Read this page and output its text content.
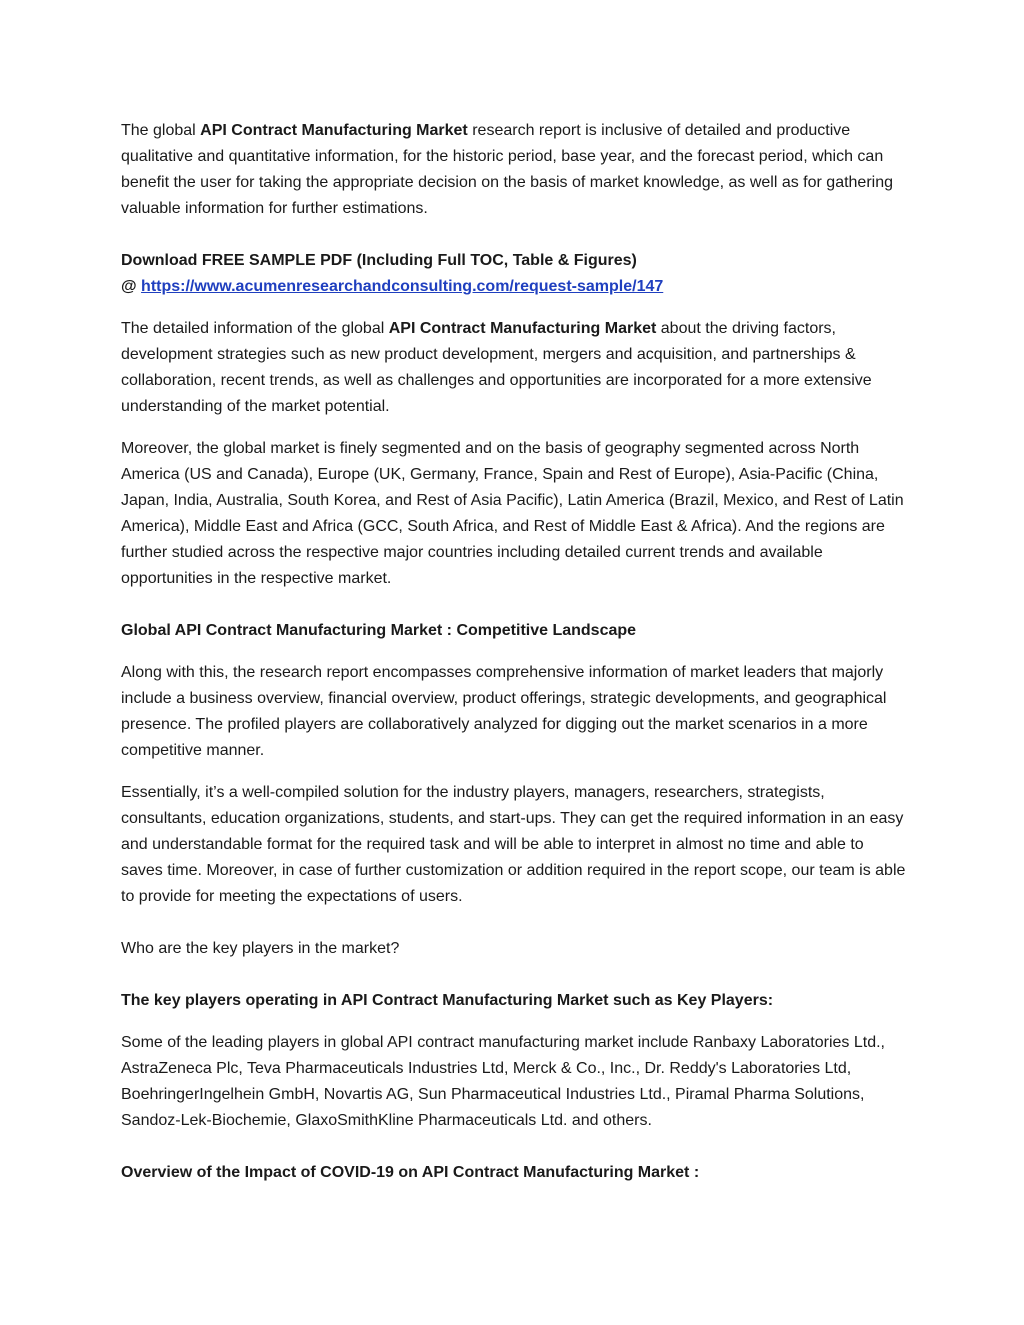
The global API Contract Manufacturing Market research report is inclusive of detailed and productive qualitative and quantitative information, for the historic period, base year, and the forecast period, which can benefit the user for taking the appropriate decision on the basis of market knowledge, as well as for gathering valuable information for further estimations.

Download FREE SAMPLE PDF (Including Full TOC, Table & Figures)

@ https://www.acumenresearchandconsulting.com/request-sample/147

The detailed information of the global API Contract Manufacturing Market about the driving factors, development strategies such as new product development, mergers and acquisition, and partnerships & collaboration, recent trends, as well as challenges and opportunities are incorporated for a more extensive understanding of the market potential.

Moreover, the global market is finely segmented and on the basis of geography segmented across North America (US and Canada), Europe (UK, Germany, France, Spain and Rest of Europe), Asia-Pacific (China, Japan, India, Australia, South Korea, and Rest of Asia Pacific), Latin America (Brazil, Mexico, and Rest of Latin America), Middle East and Africa (GCC, South Africa, and Rest of Middle East & Africa). And the regions are further studied across the respective major countries including detailed current trends and available opportunities in the respective market.

Global API Contract Manufacturing Market : Competitive Landscape

Along with this, the research report encompasses comprehensive information of market leaders that majorly include a business overview, financial overview, product offerings, strategic developments, and geographical presence. The profiled players are collaboratively analyzed for digging out the market scenarios in a more competitive manner.

Essentially, it’s a well-compiled solution for the industry players, managers, researchers, strategists, consultants, education organizations, students, and start-ups. They can get the required information in an easy and understandable format for the required task and will be able to interpret in almost no time and able to saves time. Moreover, in case of further customization or addition required in the report scope, our team is able to provide for meeting the expectations of users.

Who are the key players in the market?

The key players operating in API Contract Manufacturing Market such as Key Players:

Some of the leading players in global API contract manufacturing market include Ranbaxy Laboratories Ltd., AstraZeneca Plc, Teva Pharmaceuticals Industries Ltd, Merck & Co., Inc., Dr. Reddy's Laboratories Ltd, BoehringerIngelhein GmbH, Novartis AG, Sun Pharmaceutical Industries Ltd., Piramal Pharma Solutions, Sandoz-Lek-Biochemie, GlaxoSmithKline Pharmaceuticals Ltd. and others.

Overview of the Impact of COVID-19 on API Contract Manufacturing Market :
